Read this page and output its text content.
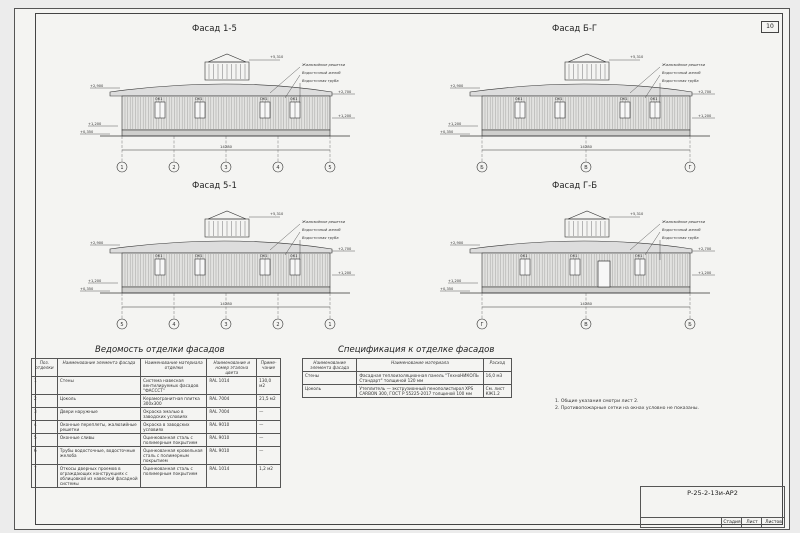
10
Фасад 1-5
ОК1	ОК1	ОК1	ОК1
+2,900
+1,200
+0,350
+2,700
+1,200
+5,310
Жалюзийные решетки
Водосточный желоб
Водосточная труба
14280
1	2	3	4	5
Фасад Б-Г
ОК1	ОК1	ОК1	ОК1
+2,900
+1,200
+0,350
+2,700
+1,200
+5,310
Жалюзийные решетки
Водосточный желоб
Водосточная труба
14280
Б	В	Г
Фасад 5-1
ОК1	ОК1	ОК1	ОК1
+2,900
+1,200
+0,350
+2,700
+1,200
+5,310
Жалюзийные решетки
Водосточный желоб
Водосточная труба
14280
5	4	3	2	1
Фасад Г-Б
ОК1	ОК1	ОК1
+2,900
+1,200
+0,350
+2,700
+1,200
+5,310
Жалюзийные решетки
Водосточный желоб
Водосточная труба
14280
Г	В	Б
Ведомость отделки фасадов
Поз. отделки	Наименование элемента фасада	Наименование материала отделки	Наименование и номер эталона цвета	Приме-чание
1	Стены	Система навесная вентилируемых фасадов "ФАСССТ"	RAL 1014	130,0 м2
2	Цоколь	Керамогранитная плитка 300х300	RAL 7004	21,5 м2
3	Двери наружные	Окраска эмалью в заводских условиях	RAL 7004	—
4	Оконные переплеты, жалюзийные решетки	Окраска в заводских условиях	RAL 9010	—
5	Оконные сливы	Оцинкованная сталь с полимерным покрытием	RAL 9010	—
6	Трубы водосточные, водосточные желоба	Оцинкованная кровельная сталь с полимерным покрытием	RAL 9010	—
7	Откосы дверных проемов в ограждающих конструкциях с облицовкой из навесной фасадной системы	Оцинкованная сталь с полимерным покрытием	RAL 1014	1,2 м2
Спецификация к отделке фасадов
Наименование элемента фасада	Наименование материала	Расход
Стены	Фасадная теплоизоляционная панель "ТехноНИКОЛЬ Стандарт" толщиной 120 мм	16,0 м3
Цоколь	Утеплитель — экструзионный пенополистирол XPS CARBON 300, ГОСТ Р 55225-2017 толщиной 100 мм	См. лист КЖ1.2
1. Общие указания смотри лист 2.
2. Противопожарные сетки на окнах условно не показаны.
Р-25-2-13и-АР2
Стадия	Лист	Листов
